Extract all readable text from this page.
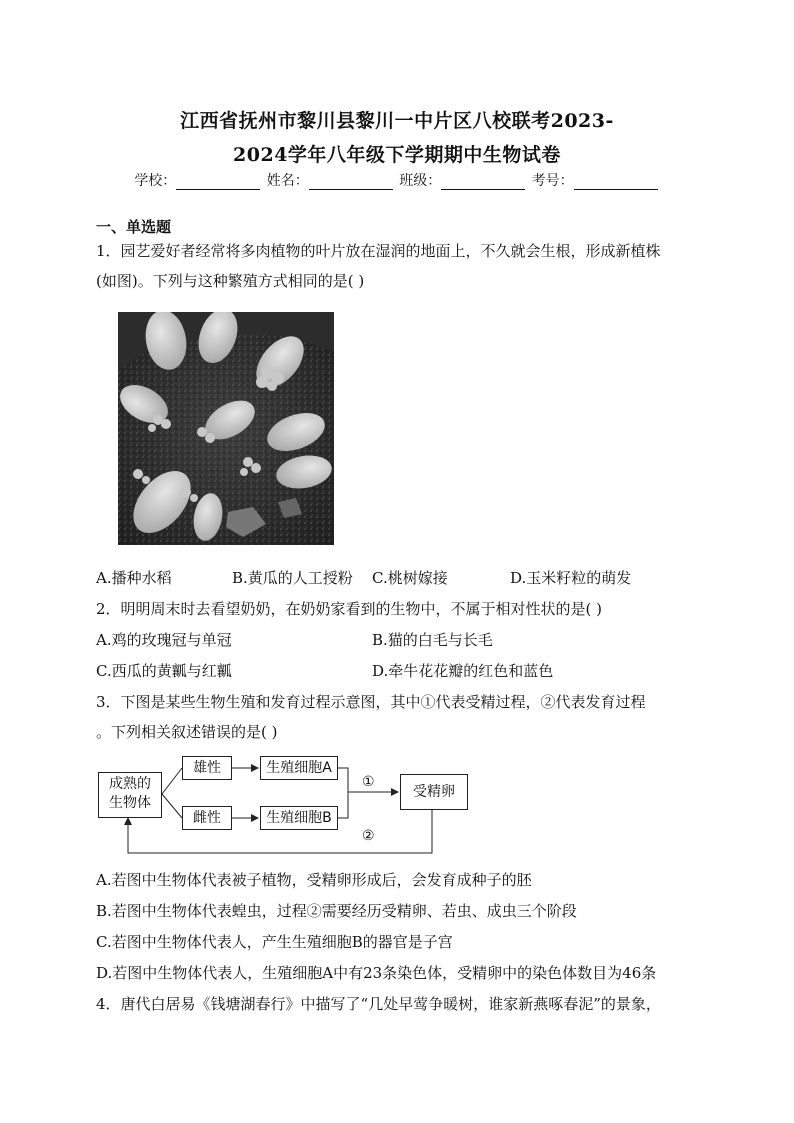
江西省抚州市黎川县黎川一中片区八校联考2023-
2024学年八年级下学期期中生物试卷
学校：	姓名：	班级：	考号：
一、单选题
1．园艺爱好者经常将多肉植物的叶片放在湿润的地面上，不久就会生根，形成新植株
(如图)。下列与这种繁殖方式相同的是( )
A.播种水稻	B.黄瓜的人工授粉 C.桃树嫁接	D.玉米籽粒的萌发
2．明明周末时去看望奶奶，在奶奶家看到的生物中，不属于相对性状的是( )
A.鸡的玫瑰冠与单冠	B.猫的白毛与长毛
C.西瓜的黄瓤与红瓤	D.牵牛花花瓣的红色和蓝色
3．下图是某些生物生殖和发育过程示意图，其中①代表受精过程，②代表发育过程
。下列相关叙述错误的是( )
成熟的
生物体
雄性
雌性
生殖细胞A
生殖细胞B
受精卵
①
②
A.若图中生物体代表被子植物，受精卵形成后，会发育成种子的胚
B.若图中生物体代表蝗虫，过程②需要经历受精卵、若虫、成虫三个阶段
C.若图中生物体代表人，产生生殖细胞B的器官是子宫
D.若图中生物体代表人，生殖细胞A中有23条染色体，受精卵中的染色体数目为46条
4．唐代白居易《钱塘湖春行》中描写了“几处早莺争暖树，谁家新燕啄春泥”的景象，
